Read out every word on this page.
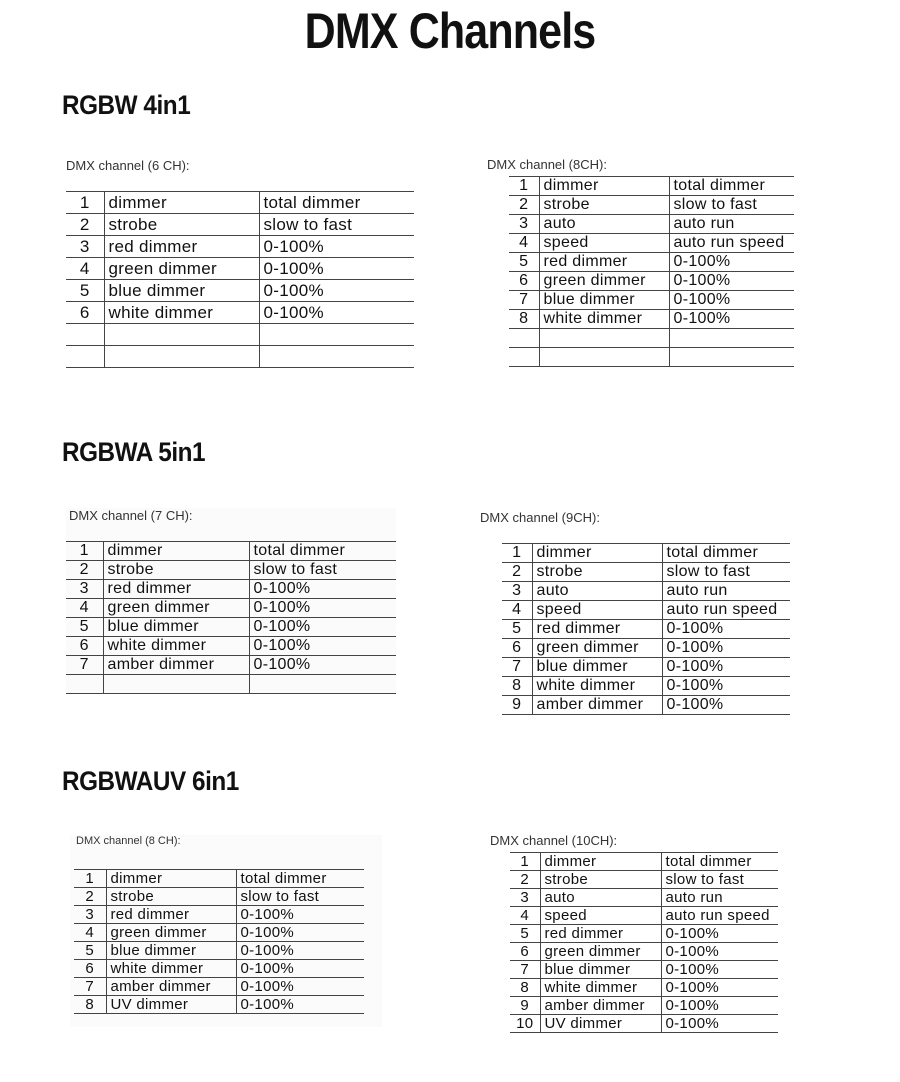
DMX Channels
RGBW 4in1
RGBWA 5in1
RGBWAUV 6in1
DMX channel (6 CH):
1	dimmer	total dimmer
2	strobe	slow to fast
3	red dimmer	0-100%
4	green dimmer	0-100%
5	blue dimmer	0-100%
6	white dimmer	0-100%

DMX channel (8CH):
1	dimmer	total dimmer
2	strobe	slow to fast
3	auto	auto run
4	speed	auto run speed
5	red dimmer	0-100%
6	green dimmer	0-100%
7	blue dimmer	0-100%
8	white dimmer	0-100%

DMX channel (7 CH):
1	dimmer	total dimmer
2	strobe	slow to fast
3	red dimmer	0-100%
4	green dimmer	0-100%
5	blue dimmer	0-100%
6	white dimmer	0-100%
7	amber dimmer	0-100%

DMX channel (9CH):
1	dimmer	total dimmer
2	strobe	slow to fast
3	auto	auto run
4	speed	auto run speed
5	red dimmer	0-100%
6	green dimmer	0-100%
7	blue dimmer	0-100%
8	white dimmer	0-100%
9	amber dimmer	0-100%
DMX channel (8 CH):
1	dimmer	total dimmer
2	strobe	slow to fast
3	red dimmer	0-100%
4	green dimmer	0-100%
5	blue dimmer	0-100%
6	white dimmer	0-100%
7	amber dimmer	0-100%
8	UV dimmer	0-100%
DMX channel (10CH):
1	dimmer	total dimmer
2	strobe	slow to fast
3	auto	auto run
4	speed	auto run speed
5	red dimmer	0-100%
6	green dimmer	0-100%
7	blue dimmer	0-100%
8	white dimmer	0-100%
9	amber dimmer	0-100%
10	UV dimmer	0-100%
